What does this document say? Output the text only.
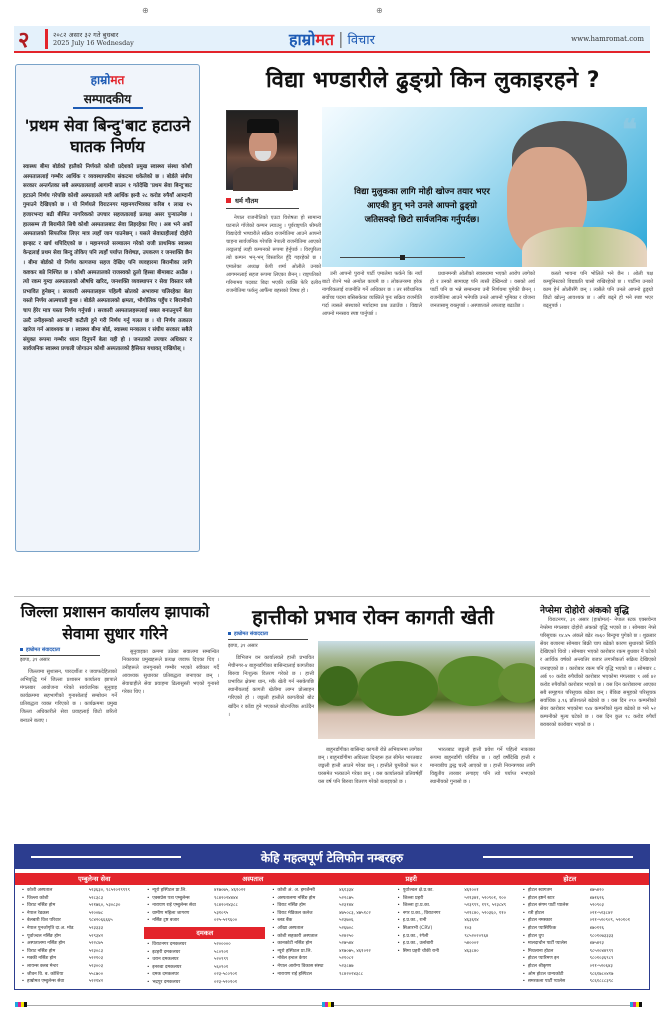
⊕	⊕
२	२०८२ असार ३२ गते बुधबार
2025 July 16 Wednesday	हाम्रो मत | विचार	www.hamromat.com
हाम्रोमत
सम्पादकीय
'प्रथम सेवा बिन्दु'बाट हटाउने घातक निर्णय
स्वास्थ्य बीमा बोर्डको हालैको निर्णयले कोशी प्रदेशको प्रमुख स्वास्थ्य संस्था कोशी अस्पताललाई गम्भीर आर्थिक र व्यवस्थापकीय संकटमा धकेलेको छ । बोर्डले संघीय सरकार अन्तर्गतका सबै अस्पताललाई आगामी साउन १ गतेदेखि 'प्रथम सेवा बिन्दु'बाट हटाउने निर्णय गरेपछि कोशी अस्पतालले मात्रै आर्थिक झन्डै २८ करोड रुपैयाँ आम्दानी गुमाउने देखिएको छ । यो निर्णयले विराटनगर महानगरभित्रका करिब १ लाख १५ हजारभन्दा बढी बीमित नागरिकको उपचार सहजतालाई प्रत्यक्ष असर पुर्‍याउनेछ । हालसम्म ती बिरामीले सिधै कोशी अस्पतालबाट सेवा लिइरहेका थिए । अब भने अर्को अस्पतालको सिफारिस लिएर मात्र त्यहाँ जान पाउनेछन् । यसले सेवाग्राहीलाई दोहोरो झन्झट र खर्च थपिदिएको छ । महानगरले सञ्चालन गरेको राजी प्राथमिक स्वास्थ्य केन्द्रलाई प्रथम सेवा बिन्दु तोकिए पनि त्यहाँ पर्याप्त विशेषज्ञ, उपकरण र जनशक्ति छैन । बीमा बोर्डको यो निर्णय कागजमा सहज देखिए पनि व्यवहारमा बिरामीका लागि कष्टकर बन्ने निश्चित छ । कोशी अस्पतालको राजस्वको ठूलो हिस्सा बीमाबाट आउँछ । त्यो रकम गुम्दा अस्पतालको औषधि खरिद, जनशक्ति व्यवस्थापन र सेवा विस्तार सबै प्रभावित हुनेछन् । सरकारी अस्पतालहरू पहिल्यै स्रोतको अभावमा चलिरहेका बेला यस्तो निर्णय आत्मघाती हुन्छ । बोर्डले अस्पतालको क्षमता, भौगोलिक पहुँच र बिरामीको चाप हेरेर मात्र यस्ता निर्णय गर्नुपर्छ । सरकारी अस्पतालहरूलाई सबल बनाउनुपर्ने बेला उल्टै उनीहरूको आम्दानी कटौती हुने गरी निर्णय गर्नु गलत छ । यो निर्णय तत्काल खारेज गर्न आवश्यक छ । स्वास्थ्य बीमा बोर्ड, स्वास्थ्य मन्त्रालय र संघीय सरकार सबैले संयुक्त रूपमा गम्भीर ध्यान दिनुपर्ने बेला यही हो । जनताको उपचार अधिकार र सार्वजनिक स्वास्थ्य प्रणाली जोगाउन कोशी अस्पतालको हैसियत यथावत् राखियोस् ।
विद्या भण्डारीले ढुङ्ग्रो किन लुकाइरहने ?
धर्म गौतम
❝
विद्या मुलुकका लागि मोही खोज्न तयार भएर आएकी हुन् भने उनले आफ्नो ढुङ्ग्रो जतिसक्दो छिटो सार्वजनिक गर्नुपर्दछ।

नेपाल राजनीतिको एउटा विशेषता हो सामान्य घटनाले गाँजेको कम्पन ल्याउनु । पूर्वराष्ट्रपति श्रीमती विद्यादेवी भण्डारीले सक्रिय राजनीतिमा आउने आफ्नो चाहना सार्वजनिक गरेपछि नेपाली राजनीतिमा आएको तरङ्गलाई त्यही कम्पनको रूपमा हेर्नुपर्छ । विरपुरिला त्यो कम्पन भन्-भन् विस्तारित हुँदै गइरहेको छ । एमालेका अध्यक्ष केपी शर्मा ओलीले उनको आगमनलाई सहज रूपमा लिएका छैनन् । राष्ट्रपतिको गरिमामय पदबाट बिदा भएकी व्यक्ति फेरि दलीय राजनीतिमा फर्कनु आफैँमा बहसको विषय हो ।

उनी आफ्नो पुरानो पार्टी एमालेमा फर्कने कि नयाँ बाटो रोज्ने भन्ने अन्योल कायमै छ । लोकतन्त्रमा हरेक नागरिकलाई राजनीति गर्ने अधिकार छ । तर संवैधानिक सर्वोच्च पदमा बसिसकेका व्यक्तिले पुनः सक्रिय राजनीति गर्दा त्यसले संस्थाको मर्यादामा प्रश्न उठाउँछ । विद्याले आफ्नो मनसाय स्पष्ट पार्नुपर्छ ।

प्रधानमन्त्री ओलीको स्वास्थ्यमा भएको आरोप लागेको हो र उनको सामाग्रह पनि त्यस्तै देखिन्थ्यो । यसको अर्थ पार्टी पनि छ भन्ने सम्बन्धमा उनी निर्णयमा पुगेकी छैनन् । राजनीतिमा आउने भनेपछि उनले आफ्नो भूमिका र योजना जनतासामु राख्नुपर्छ । अस्पष्टताले अफवाह बढाउँछ ।

कस्तो भावना पनि भोलिले भने छैन । ओली पक्ष कम्युनिस्टको विद्याप्रति चासो राखिरहेको छ । पार्टीमा उनको काम हेर्न ओलीसँगै छन् । त्यसैले पनि उनले आफ्नो ढुङ्ग्रो छिटो खोल्नु आवश्यक छ । अघि बढ्ने हो भने स्पष्ट भएर बढ्नुपर्छ ।

जिल्ला प्रशासन कार्यालय झापाको सेवामा सुधार गरिने
हाम्रोमत संवाददाता
झापा, ३१ असार

जिल्लामा सुशासन, पारदर्शीता र जवाफदेहिताको अभिवृद्धि गर्न जिल्ला प्रशासन कार्यालय झापाले मंगलबार आयोजना गरेको सार्वजनिक सुनुवाइ कार्यक्रममा सहभागीको गुनासोलाई सम्बोधन गर्ने प्रतिबद्धता व्यक्त गरिएको छ । कार्यक्रममा प्रमुख जिल्ला अधिकारीले सेवा प्रवाहलाई छिटो छरितो बनाउने बताए ।

सुनुवाइका क्रममा उठेका सवालमा सम्बन्धित निकायका प्रमुखहरूले प्रत्यक्ष जवाफ दिएका थिए । उनीहरूले जनगुनासो गम्भीर भएको स्वीकार गर्दै आवश्यक सुधारका प्रतिबद्धता जनाएका छन् । सेवाग्राहीले सेवा प्रवाहमा ढिलासुस्ती भएको गुनासो गरेका थिए ।

हात्तीको प्रभाव रोक्न कागती खेती
हाम्रोमत संवाददाता
झापा, ३१ असार

डिभिजन वन कार्यालयले हात्ती प्रभावित मेचीनगर-४ बाहुनडाँगीका बासिन्दालाई कागतीका बिरुवा निःशुल्क वितरण गरेको छ । हात्ती प्रभावित क्षेत्रमा धान, मकै खेती गर्न नसकेपछि स्थानीयलाई कागती खेतीमा लाग्न प्रोत्साहन गरिएको हो । जङ्गली हात्तीले कागतीको बोट खाँदैन र काँडा हुने भएकाले बोटनजिक आउँदैन ।

बाहुनडाँगीका बासिन्दा कागती रोप्ने अभियानमा लागेका छन् । बाहुनडाँगीमा अघिल्ला दिनहरू हल सीमेत भारतबाट जङ्गली हात्ती आउने गरेका छन् । हात्तीले घुम्तीको फल र घरसमेत भत्काउने गरेका छन् । यस कार्यालयले प्रतिवर्षझैँ यस वर्ष पनि बिरुवा वितरण गरेको बताइएको छ ।

भारतबाट जङ्गली हात्ती प्रवेश गर्ने पहिलो नाकाका रूपमा बाहुनडाँगी परिचित छ । यहाँ वर्षौंदेखि हात्ती र मानवबीच द्वन्द्व चल्दै आएको छ । हात्ती नियन्त्रणका लागि विद्युतीय तारबार लगाइए पनि त्यो पर्याप्त नभएको स्थानीयको गुनासो छ ।

नेप्सेमा दोहोरो अंकको वृद्धि

विराटनगर, ३१ असार (हाम्रोमत)- नेपाल स्टक एक्सचेन्ज नेप्सेमा मंगलबार दोहोरो अंकको वृद्धि भएको छ । सोमबार नेप्से परिसूचक १४.४५ अंकले बढेर २७६० बिन्दुमा पुगेको छ । शुक्रबार सेयर बजारमा सोमबार बिक्री चाप बढेको कारण सुधारको स्थिति देखिएको थियो । सोमबार भएको कारोबार रकम बुधबार नै घटेको र आर्थिक वर्षको अन्त्यतिर बजार लगानीकर्ता सक्रिय देखिएको जनाइएको छ । कारोबार रकम पनि वृद्धि भएको छ । सोमबार ८ अर्ब १० करोड रुपैयाँको कारोबार भएकोमा मंगलबार ९ अर्ब ४२ करोड रुपैयाँको कारोबार भएको छ । यस दिन कारोबारमा आएका सबै समूहगत परिसूचक बढेका छन् । बैंकिङ समूहको परिसूचक सर्वाधिक ३.९६ प्रतिशतले बढेको छ । यस दिन २९० कम्पनीको सेयर कारोबार भएकोमा १४४ कम्पनीको मूल्य बढेको छ भने ५२ कम्पनीको मूल्य घटेको छ । यस दिन कुल १८ करोड रुपैयाँ बराबरको कारोबार भएको छ ।

केहि महत्वपूर्ण टेलिफोन नम्बरहरु
एम्बुलेन्स सेवा	अस्पताल	प्रहरी	होटल
• कोशी अस्पताल	५२३६३०, ९८५२०२९९९९
• जिल्ला कोशी	५२८३८३
• विराट नर्सिङ होम	५२१७६०, ५३०८३०
• नेपाल रेडक्रस	५२००७८
• बेलबारी विश परिवार	९८४२०६६६६५
• नेपाल पुनर्जागृति दा.अ. मोड	५२३३३३
• पूर्वाञ्चल नर्सिङ होम	५२९३४२
• अस्पतालमा नर्सिङ होम	५२२८७५
• विराट नर्सिङ होम	५२३०८३
• मक्की नर्सिङ होम	५२२१०३
• लायन्स क्लब मेन्टर	५२३००३
• जीवन वि. ब. कोशिया	५५८७००
• हाम्रोमत एम्बुलेन्स सेवा	५२२१४२
• न्यूरो हस्पिटल प्रा.लि.	४१७०७५, ४६१०२२
• एक्सप्रेस पत्रा एम्बुलेन्स	९८४२०२४४४४
• नारायण राई एम्बुलेन्स सेवा	९८४२०२४३८८
• ग्रामीण महिला जागरण	५३१०९५
• नर्सिङ ट्रष्ट बजार	०२५-५२९६००
दमकल
• विराटनगर दमकलघर	५२०००००
• इटहरी दमकलघर	५८०९०१
• धरान दमकलघर	५२०९९९
• इनरुवा दमकलघर	५६०९०१
• दमक दमकलघर	०२३-५८०९०१
• भद्रपुर दमकलघर	०२३-५२०१०१
• कोशी अं. अ. इमर्जेन्सी	४६१३३४
• अस्पतालमा नर्सिङ होम	५२२८७५
• विराट नर्सिङ होम	५२३१४४
• विराट मेडिकल कलेज	४७५०८३, ४७५१८२
• ब्लड बैंक	५२३७०६
• आँखा अस्पताल	५२६७०८
• कोशी सहकारी अस्पताल	५२४२५०
• कानकोटी नर्सिङ होम	५२७५४४
• न्यूरो हस्पिटल प्रा.लि.	४१७०७५, ४६१०२२
• नोबेल इन्टल केयर	५२१०८२
• नेपाल आरोग्य विकास संस्था	५२३८७७
• नारायण राई हस्पिटल	९८४२०२४३८८
• पूर्वाञ्चल क्षे.प्र.का.	४६१००१
• जिल्ला प्रहरी	५२१३४१, ५२०९०१, १००
• जिल्ला ट्रा.प्र.का.	५२३९९९, १९९, ५२३८४९
• नगर प्र.का., विराटनगर	५२१८४०, ५२०३६०, ११०
• इ.प्र.का., रानी	४६३६१४
• सिआरभी (CRV)	१०३
• इ.प्र.का., रंगेली	९८५२०२०९६४
• इ.प्र.का., उर्लाबारी	५४०००२
• सिमा प्रहरी चौकी रानी	४६३८४०
• होटल स्वागतम	४७५४२०
• होटल इष्टर्न स्टार	४७१६२६
• होटल संगम पार्टी प्यालेस	५२०९०३
• रत्री होटल	०२१-५२३८४२
• होटल नमस्कार	०२१-५२०९०९, ५२०१०१
• होटल प्यासिफिक	४७०१२६
• होटल धुप	९८०१०७३३३३
• मालदाचौन पार्टी प्यालेस	४७५४२३
• मिथलाना होटल	९८५२०४४९९९
• होटल प्यारिमण इन	९८०१०३६९८९
• होटल श्रीकृष्ण	०२१-५२०६४३
• ओम होटल धान्यकोटी	९८६१७८०४१७
• समरकला पार्टी प्यालेस	९८६१८८८३९८
